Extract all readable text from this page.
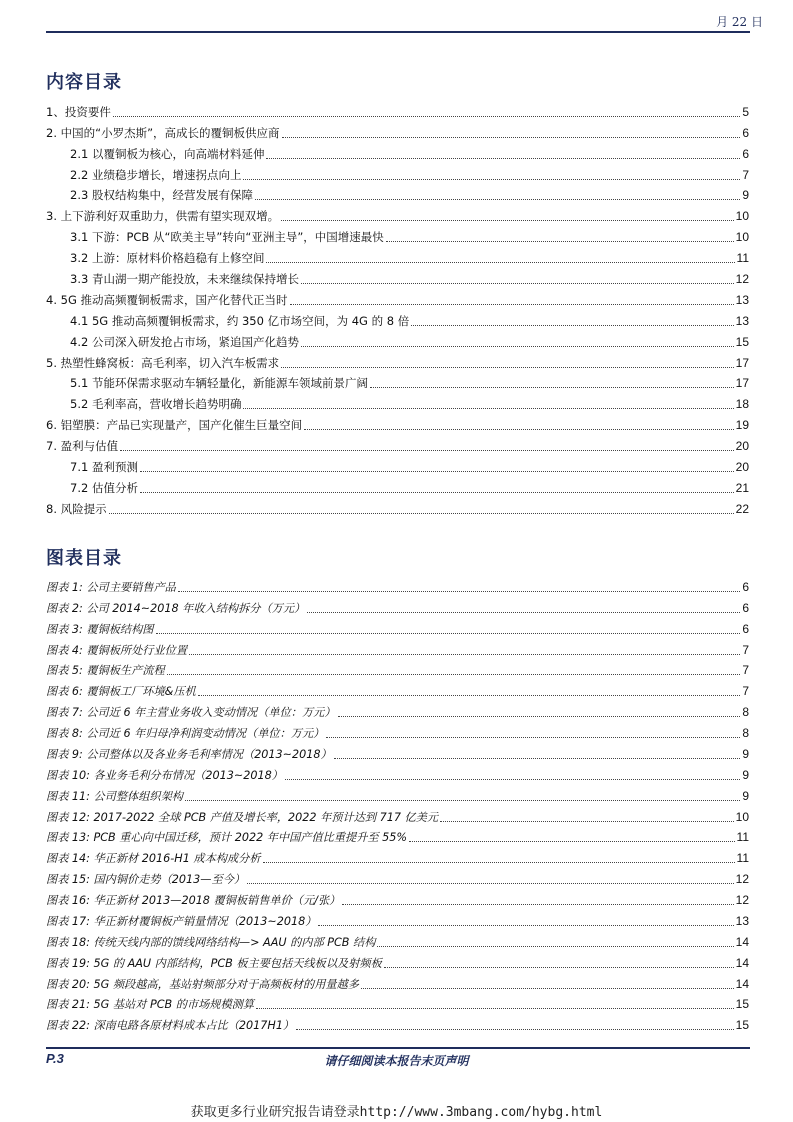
月 22 日
内容目录
1、投资要件	5
2. 中国的“小罗杰斯”，高成长的覆铜板供应商	6
2.1 以覆铜板为核心，向高端材料延伸	6
2.2 业绩稳步增长，增速拐点向上	7
2.3 股权结构集中，经营发展有保障	9
3. 上下游利好双重助力，供需有望实现双增。	10
3.1 下游：PCB 从“欧美主导”转向“亚洲主导”，中国增速最快	10
3.2 上游：原材料价格趋稳有上修空间	11
3.3 青山湖一期产能投放，未来继续保持增长	12
4. 5G 推动高频覆铜板需求，国产化替代正当时	13
4.1 5G 推动高频覆铜板需求，约 350 亿市场空间，为 4G 的 8 倍	13
4.2 公司深入研发抢占市场，紧追国产化趋势	15
5. 热塑性蜂窝板：高毛利率，切入汽车板需求	17
5.1 节能环保需求驱动车辆轻量化，新能源车领域前景广阔	17
5.2 毛利率高，营收增长趋势明确	18
6. 铝塑膜：产品已实现量产，国产化催生巨量空间	19
7. 盈利与估值	20
7.1 盈利预测	20
7.2 估值分析	21
8. 风险提示	22
图表目录
图表 1: 公司主要销售产品	6
图表 2: 公司 2014~2018 年收入结构拆分（万元）	6
图表 3: 覆铜板结构图	6
图表 4: 覆铜板所处行业位置	7
图表 5: 覆铜板生产流程	7
图表 6: 覆铜板工厂环境&压机	7
图表 7: 公司近 6 年主营业务收入变动情况（单位：万元）	8
图表 8: 公司近 6 年归母净利润变动情况（单位：万元）	8
图表 9: 公司整体以及各业务毛利率情况（2013~2018）	9
图表 10: 各业务毛利分布情况（2013~2018）	9
图表 11: 公司整体组织架构	9
图表 12: 2017-2022 全球 PCB 产值及增长率，2022 年预计达到 717 亿美元	10
图表 13: PCB 重心向中国迁移，预计 2022 年中国产值比重提升至 55%	11
图表 14: 华正新材 2016-H1 成本构成分析	11
图表 15: 国内铜价走势（2013—至今）	12
图表 16: 华正新材 2013—2018 覆铜板销售单价（元/张）	12
图表 17: 华正新材覆铜板产销量情况（2013~2018）	13
图表 18: 传统天线内部的馈线网络结构—> AAU 的内部 PCB 结构	14
图表 19: 5G 的 AAU 内部结构，PCB 板主要包括天线板以及射频板	14
图表 20: 5G 频段越高，基站射频部分对于高频板材的用量越多	14
图表 21: 5G 基站对 PCB 的市场规模测算	15
图表 22: 深南电路各原材料成本占比（2017H1）	15
P.3	请仔细阅读本报告末页声明
获取更多行业研究报告请登录http://www.3mbang.com/hybg.html
